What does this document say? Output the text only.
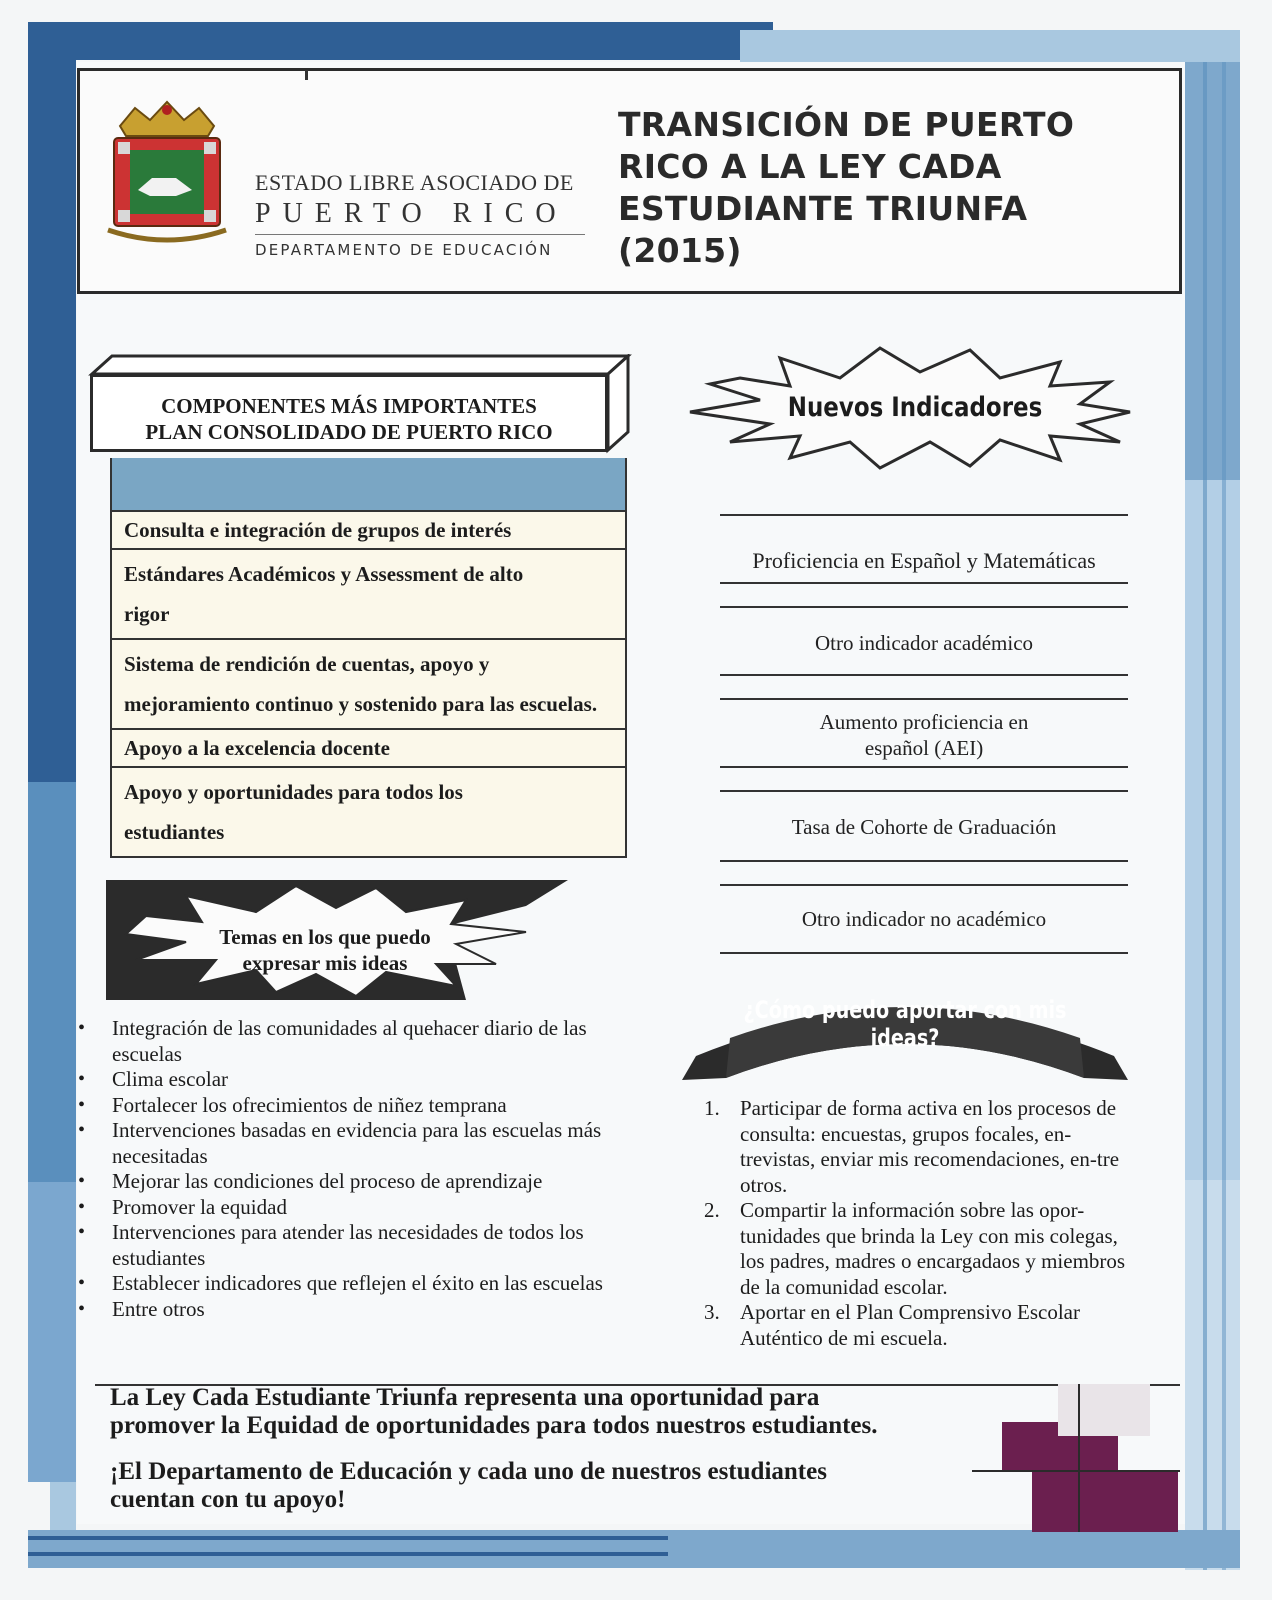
ESTADO LIBRE ASOCIADO DE
PUERTO RICO
DEPARTAMENTO DE EDUCACIÓN
TRANSICIÓN DE PUERTO
RICO A LA LEY CADA
ESTUDIANTE TRIUNFA
(2015)
COMPONENTES MÁS IMPORTANTES
PLAN CONSOLIDADO DE PUERTO RICO
Consulta e integración de grupos de interés
Estándares Académicos y Assessment de alto rigor
Sistema de rendición de cuentas, apoyo y mejoramiento continuo y sostenido para las escuelas.
Apoyo a la excelencia docente
Apoyo y oportunidades para todos los estudiantes
Nuevos Indicadores
Proficiencia en Español y Matemáticas
Otro indicador académico
Aumento proficiencia en español (AEI)
Tasa de Cohorte de Graduación
Otro indicador no académico
Temas en los que puedo
expresar mis ideas
• Integración de las comunidades al quehacer diario de las escuelas
• Clima escolar
• Fortalecer los ofrecimientos de niñez temprana
• Intervenciones basadas en evidencia para las escuelas más necesitadas
• Mejorar las condiciones del proceso de aprendizaje
• Promover la equidad
• Intervenciones para atender las necesidades de todos los estudiantes
• Establecer indicadores que reflejen el éxito en las escuelas
• Entre otros
¿Cómo puedo aportar con mis ideas?
1. Participar de forma activa en los procesos de consulta: encuestas, grupos focales, en-trevistas, enviar mis recomendaciones, en-tre otros.
2. Compartir la información sobre las opor-tunidades que brinda la Ley con mis colegas, los padres, madres o encargadaos y miembros de la comunidad escolar.
3. Aportar en el Plan Comprensivo Escolar Auténtico de mi escuela.
La Ley Cada Estudiante Triunfa representa una oportunidad para
promover la Equidad de oportunidades para todos nuestros estudiantes.
¡El Departamento de Educación y cada uno de nuestros estudiantes
cuentan con tu apoyo!
